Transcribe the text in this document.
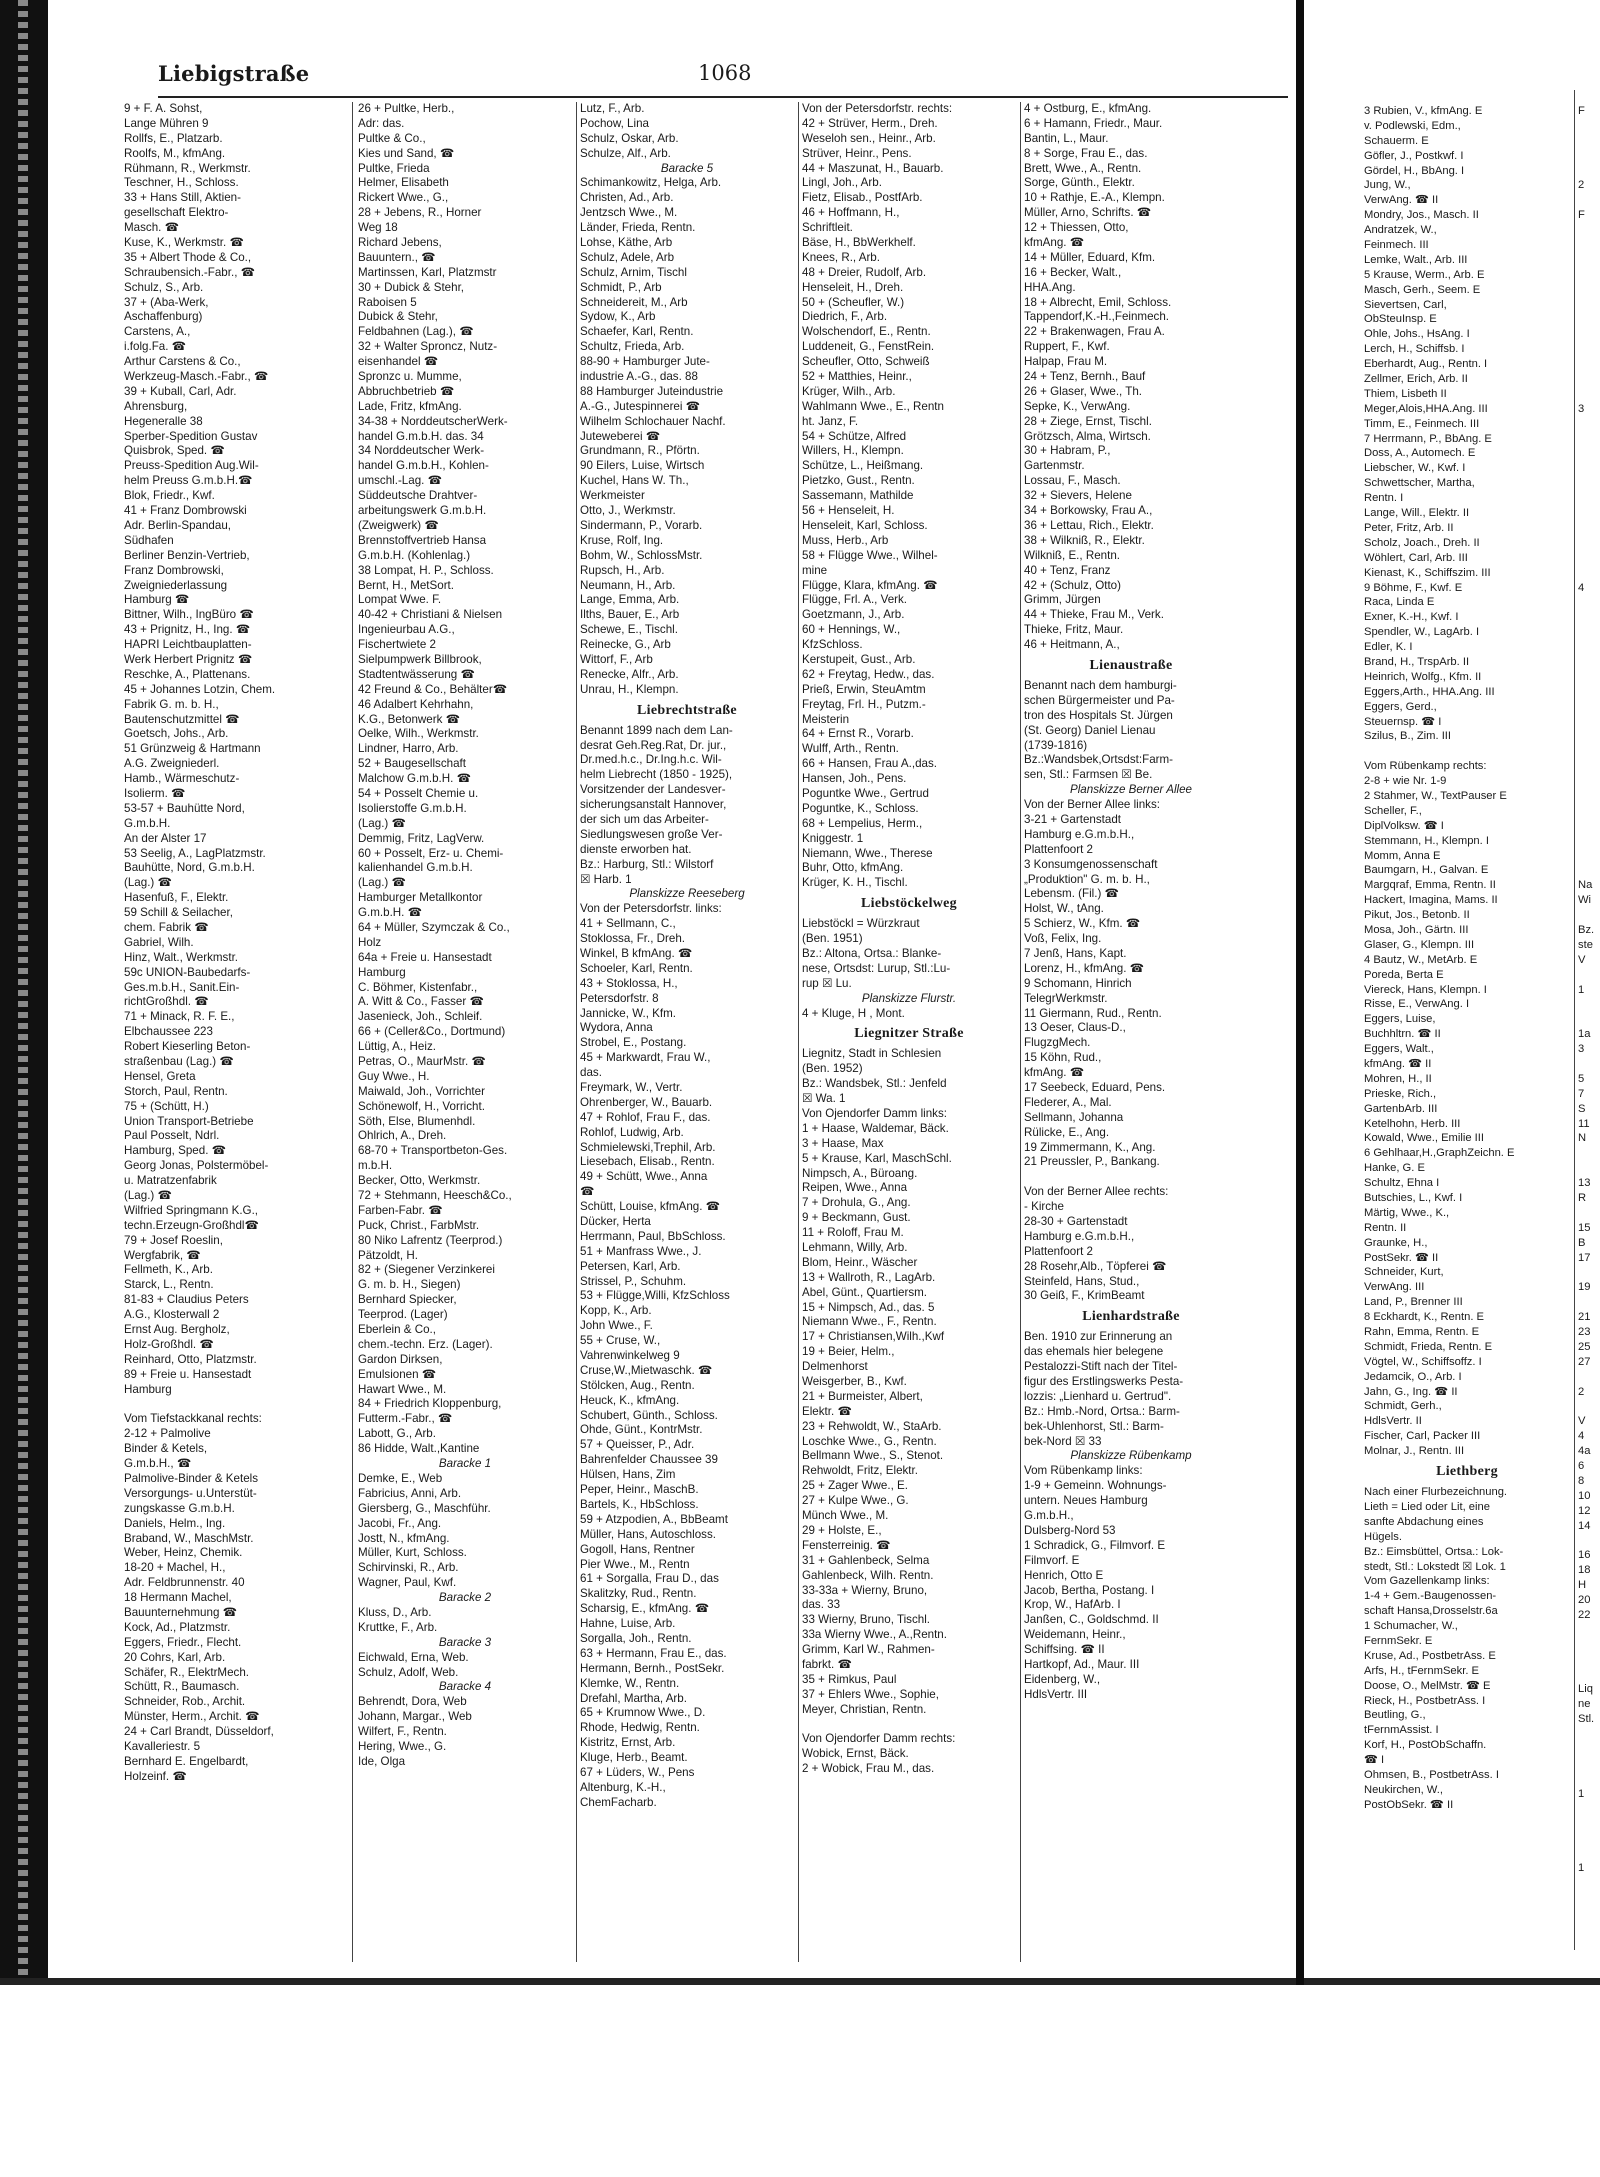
Liebigstraße	1068
9 + F. A. Sohst,
Lange Mühren 9
Rollfs, E., Platzarb.
Roolfs, M., kfmAng.
Rühmann, R., Werkmstr.
Teschner, H., Schloss.
33 + Hans Still, Aktien-
gesellschaft Elektro-
Masch. ☎
Kuse, K., Werkmstr. ☎
35 + Albert Thode & Co.,
Schraubensich.-Fabr., ☎
Schulz, S., Arb.
37 + (Aba-Werk,
Aschaffenburg)
Carstens, A.,
i.folg.Fa. ☎
Arthur Carstens & Co.,
Werkzeug-Masch.-Fabr., ☎
39 + Kuball, Carl, Adr.
Ahrensburg,
Hegeneralle 38
Sperber-Spedition Gustav
Quisbrok, Sped. ☎
Preuss-Spedition Aug.Wil-
helm Preuss G.m.b.H.☎
Blok, Friedr., Kwf.
41 + Franz Dombrowski
Adr. Berlin-Spandau,
Südhafen
Berliner Benzin-Vertrieb,
Franz Dombrowski,
Zweigniederlassung
Hamburg ☎
Bittner, Wilh., IngBüro ☎
43 + Prignitz, H., Ing. ☎
HAPRI Leichtbauplatten-
Werk Herbert Prignitz ☎
Reschke, A., Plattenans.
45 + Johannes Lotzin, Chem.
Fabrik G. m. b. H.,
Bautenschutzmittel ☎
Goetsch, Johs., Arb.
51 Grünzweig & Hartmann
A.G. Zweigniederl.
Hamb., Wärmeschutz-
Isolierm. ☎
53-57 + Bauhütte Nord,
G.m.b.H.
An der Alster 17
53 Seelig, A., LagPlatzmstr.
Bauhütte, Nord, G.m.b.H.
(Lag.) ☎
Hasenfuß, F., Elektr.
59 Schill & Seilacher,
chem. Fabrik ☎
Gabriel, Wilh.
Hinz, Walt., Werkmstr.
59c UNION-Baubedarfs-
Ges.m.b.H., Sanit.Ein-
richtGroßhdl. ☎
71 + Minack, R. F. E.,
Elbchaussee 223
Robert Kieserling Beton-
straßenbau (Lag.) ☎
Hensel, Greta
Storch, Paul, Rentn.
75 + (Schütt, H.)
Union Transport-Betriebe
Paul Posselt, Ndrl.
Hamburg, Sped. ☎
Georg Jonas, Polstermöbel-
u. Matratzenfabrik
(Lag.) ☎
Wilfried Springmann K.G.,
techn.Erzeugn-Großhdl☎
79 + Josef Roeslin,
Wergfabrik, ☎
Fellmeth, K., Arb.
Starck, L., Rentn.
81-83 + Claudius Peters
A.G., Klosterwall 2
Ernst Aug. Bergholz,
Holz-Großhdl. ☎
Reinhard, Otto, Platzmstr.
89 + Freie u. Hansestadt
Hamburg

Vom Tiefstackkanal rechts:
2-12 + Palmolive
Binder & Ketels,
G.m.b.H., ☎
Palmolive-Binder & Ketels
Versorgungs- u.Unterstüt-
zungskasse G.m.b.H.
Daniels, Helm., Ing.
Braband, W., MaschMstr.
Weber, Heinz, Chemik.
18-20 + Machel, H.,
Adr. Feldbrunnenstr. 40
18 Hermann Machel,
Bauunternehmung ☎
Kock, Ad., Platzmstr.
Eggers, Friedr., Flecht.
20 Cohrs, Karl, Arb.
Schäfer, R., ElektrMech.
Schütt, R., Baumasch.
Schneider, Rob., Archit.
Münster, Herm., Archit. ☎
24 + Carl Brandt, Düsseldorf,
Kavalleriestr. 5
Bernhard E. Engelbardt,
Holzeinf. ☎
26 + Pultke, Herb.,
Adr: das.
Pultke & Co.,
Kies und Sand, ☎
Pultke, Frieda
Helmer, Elisabeth
Rickert Wwe., G.,
28 + Jebens, R., Horner
Weg 18
Richard Jebens,
Bauuntern., ☎
Martinssen, Karl, Platzmstr
30 + Dubick & Stehr,
Raboisen 5
Dubick & Stehr,
Feldbahnen (Lag.), ☎
32 + Walter Sproncz, Nutz-
eisenhandel ☎
Spronzc u. Mumme,
Abbruchbetrieb ☎
Lade, Fritz, kfmAng.
34-38 + NorddeutscherWerk-
handel G.m.b.H. das. 34
34 Norddeutscher Werk-
handel G.m.b.H., Kohlen-
umschl.-Lag. ☎
Süddeutsche Drahtver-
arbeitungswerk G.m.b.H.
(Zweigwerk) ☎
Brennstoffvertrieb Hansa
G.m.b.H. (Kohlenlag.)
38 Lompat, H. P., Schloss.
Bernt, H., MetSort.
Lompat Wwe. F.
40-42 + Christiani & Nielsen
Ingenieurbau A.G.,
Fischertwiete 2
Sielpumpwerk Billbrook,
Stadtentwässerung ☎
42 Freund & Co., Behälter☎
46 Adalbert Kehrhahn,
K.G., Betonwerk ☎
Oelke, Wilh., Werkmstr.
Lindner, Harro, Arb.
52 + Baugesellschaft
Malchow G.m.b.H. ☎
54 + Posselt Chemie u.
Isolierstoffe G.m.b.H.
(Lag.) ☎
Demmig, Fritz, LagVerw.
60 + Posselt, Erz- u. Chemi-
kalienhandel G.m.b.H.
(Lag.) ☎
Hamburger Metallkontor
G.m.b.H. ☎
64 + Müller, Szymczak & Co.,
Holz
64a + Freie u. Hansestadt
Hamburg
C. Böhmer, Kistenfabr.,
A. Witt & Co., Fasser ☎
Jasenieck, Joh., Schleif.
66 + (Celler&Co., Dortmund)
Lüttig, A., Heiz.
Petras, O., MaurMstr. ☎
Guy Wwe., H.
Maiwald, Joh., Vorrichter
Schönewolf, H., Vorricht.
Söth, Else, Blumenhdl.
Ohlrich, A., Dreh.
68-70 + Transportbeton-Ges.
m.b.H.
Becker, Otto, Werkmstr.
72 + Stehmann, Heesch&Co.,
Farben-Fabr. ☎
Puck, Christ., FarbMstr.
80 Niko Lafrentz (Teerprod.)
Pätzoldt, H.
82 + (Siegener Verzinkerei
G. m. b. H., Siegen)
Bernhard Spiecker,
Teerprod. (Lager)
Eberlein & Co.,
chem.-techn. Erz. (Lager).
Gardon Dirksen,
Emulsionen ☎
Hawart Wwe., M.
84 + Friedrich Kloppenburg,
Futterm.-Fabr., ☎
Labott, G., Arb.
86 Hidde, Walt.,Kantine
Baracke 1
Demke, E., Web
Fabricius, Anni, Arb.
Giersberg, G., Maschführ.
Jacobi, Fr., Ang.
Jostt, N., kfmAng.
Müller, Kurt, Schloss.
Schirvinski, R., Arb.
Wagner, Paul, Kwf.
Baracke 2
Kluss, D., Arb.
Kruttke, F., Arb.
Baracke 3
Eichwald, Erna, Web.
Schulz, Adolf, Web.
Baracke 4
Behrendt, Dora, Web
Johann, Margar., Web
Wilfert, F., Rentn.
Hering, Wwe., G.
Ide, Olga
Lutz, F., Arb.
Pochow, Lina
Schulz, Oskar, Arb.
Schulze, Alf., Arb.
Baracke 5
Schimankowitz, Helga, Arb.
Christen, Ad., Arb.
Jentzsch Wwe., M.
Länder, Frieda, Rentn.
Lohse, Käthe, Arb
Schulz, Adele, Arb
Schulz, Arnim, Tischl
Schmidt, P., Arb
Schneidereit, M., Arb
Sydow, K., Arb
Schaefer, Karl, Rentn.
Schultz, Frieda, Arb.
88-90 + Hamburger Jute-
industrie A.-G., das. 88
88 Hamburger Juteindustrie
A.-G., Jutespinnerei ☎
Wilhelm Schlochauer Nachf.
Juteweberei ☎
Grundmann, R., Pförtn.
90 Eilers, Luise, Wirtsch
Kuchel, Hans W. Th.,
Werkmeister
Otto, J., Werkmstr.
Sindermann, P., Vorarb.
Kruse, Rolf, Ing.
Bohm, W., SchlossMstr.
Rupsch, H., Arb.
Neumann, H., Arb.
Lange, Emma, Arb.
Ilths, Bauer, E., Arb
Schewe, E., Tischl.
Reinecke, G., Arb
Wittorf, F., Arb
Renecke, Alfr., Arb.
Unrau, H., Klempn.
Liebrechtstraße
Benannt 1899 nach dem Lan-
desrat Geh.Reg.Rat, Dr. jur.,
Dr.med.h.c., Dr.Ing.h.c. Wil-
helm Liebrecht (1850 - 1925),
Vorsitzender der Landesver-
sicherungsanstalt Hannover,
der sich um das Arbeiter-
Siedlungswesen große Ver-
dienste erworben hat.
Bz.: Harburg, Stl.: Wilstorf
☒ Harb. 1
Planskizze Reeseberg
Von der Petersdorfstr. links:
41 + Sellmann, C.,
Stoklossa, Fr., Dreh.
Winkel, B kfmAng. ☎
Schoeler, Karl, Rentn.
43 + Stoklossa, H.,
Petersdorfstr. 8
Jannicke, W., Kfm.
Wydora, Anna
Strobel, E., Postang.
45 + Markwardt, Frau W.,
das.
Freymark, W., Vertr.
Ohrenberger, W., Bauarb.
47 + Rohlof, Frau F., das.
Rohlof, Ludwig, Arb.
Schmielewski,Trephil, Arb.
Liesebach, Elisab., Rentn.
49 + Schütt, Wwe., Anna
☎
Schütt, Louise, kfmAng. ☎
Dücker, Herta
Herrmann, Paul, BbSchloss.
51 + Manfrass Wwe., J.
Petersen, Karl, Arb.
Strissel, P., Schuhm.
53 + Flügge,Willi, KfzSchloss
Kopp, K., Arb.
John Wwe., F.
55 + Cruse, W.,
Vahrenwinkelweg 9
Cruse,W.,Mietwaschk. ☎
Stölcken, Aug., Rentn.
Heuck, K., kfmAng.
Schubert, Günth., Schloss.
Ohde, Günt., KontrMstr.
57 + Queisser, P., Adr.
Bahrenfelder Chaussee 39
Hülsen, Hans, Zim
Peper, Heinr., MaschB.
Bartels, K., HbSchloss.
59 + Atzpodien, A., BbBeamt
Müller, Hans, Autoschloss.
Gogoll, Hans, Rentner
Pier Wwe., M., Rentn
61 + Sorgalla, Frau D., das
Skalitzky, Rud., Rentn.
Scharsig, E., kfmAng. ☎
Hahne, Luise, Arb.
Sorgalla, Joh., Rentn.
63 + Hermann, Frau E., das.
Hermann, Bernh., PostSekr.
Klemke, W., Rentn.
Drefahl, Martha, Arb.
65 + Krumnow Wwe., D.
Rhode, Hedwig, Rentn.
Kistritz, Ernst, Arb.
Kluge, Herb., Beamt.
67 + Lüders, W., Pens
Altenburg, K.-H.,
ChemFacharb.
Von der Petersdorfstr. rechts:
42 + Strüver, Herm., Dreh.
Weseloh sen., Heinr., Arb.
Strüver, Heinr., Pens.
44 + Maszunat, H., Bauarb.
Lingl, Joh., Arb.
Fietz, Elisab., PostfArb.
46 + Hoffmann, H.,
Schriftleit.
Bäse, H., BbWerkhelf.
Knees, R., Arb.
48 + Dreier, Rudolf, Arb.
Henseleit, H., Dreh.
50 + (Scheufler, W.)
Diedrich, F., Arb.
Wolschendorf, E., Rentn.
Luddeneit, G., FenstRein.
Scheufler, Otto, Schweiß
52 + Matthies, Heinr.,
Krüger, Wilh., Arb.
Wahlmann Wwe., E., Rentn
ht. Janz, F.
54 + Schütze, Alfred
Willers, H., Klempn.
Schütze, L., Heißmang.
Pietzko, Gust., Rentn.
Sassemann, Mathilde
56 + Henseleit, H.
Henseleit, Karl, Schloss.
Muss, Herb., Arb
58 + Flügge Wwe., Wilhel-
mine
Flügge, Klara, kfmAng. ☎
Flügge, Frl. A., Verk.
Goetzmann, J., Arb.
60 + Hennings, W.,
KfzSchloss.
Kerstupeit, Gust., Arb.
62 + Freytag, Hedw., das.
Prieß, Erwin, SteuAmtm
Freytag, Frl. H., Putzm.-
Meisterin
64 + Ernst R., Vorarb.
Wulff, Arth., Rentn.
66 + Hansen, Frau A.,das.
Hansen, Joh., Pens.
Poguntke Wwe., Gertrud
Poguntke, K., Schloss.
68 + Lempelius, Herm.,
Kniggestr. 1
Niemann, Wwe., Therese
Buhr, Otto, kfmAng.
Krüger, K. H., Tischl.
Liebstöckelweg
Liebstöckl = Würzkraut
(Ben. 1951)
Bz.: Altona, Ortsa.: Blanke-
nese, Ortsdst: Lurup, Stl.:Lu-
rup ☒ Lu.
Planskizze Flurstr.
4 + Kluge, H , Mont.
Liegnitzer Straße
Liegnitz, Stadt in Schlesien
(Ben. 1952)
Bz.: Wandsbek, Stl.: Jenfeld
☒ Wa. 1
Von Ojendorfer Damm links:
1 + Haase, Waldemar, Bäck.
3 + Haase, Max
5 + Krause, Karl, MaschSchl.
Nimpsch, A., Büroang.
Reipen, Wwe., Anna
7 + Drohula, G., Ang.
9 + Beckmann, Gust.
11 + Roloff, Frau M.
Lehmann, Willy, Arb.
Blom, Heinr., Wäscher
13 + Wallroth, R., LagArb.
Abel, Günt., Quartiersm.
15 + Nimpsch, Ad., das. 5
Niemann Wwe., F., Rentn.
17 + Christiansen,Wilh.,Kwf
19 + Beier, Helm.,
Delmenhorst
Weisgerber, B., Kwf.
21 + Burmeister, Albert,
Elektr. ☎
23 + Rehwoldt, W., StaArb.
Loschke Wwe., G., Rentn.
Bellmann Wwe., S., Stenot.
Rehwoldt, Fritz, Elektr.
25 + Zager Wwe., E.
27 + Kulpe Wwe., G.
Münch Wwe., M.
29 + Holste, E.,
Fensterreinig. ☎
31 + Gahlenbeck, Selma
Gahlenbeck, Wilh. Rentn.
33-33a + Wierny, Bruno,
das. 33
33 Wierny, Bruno, Tischl.
33a Wierny Wwe., A.,Rentn.
Grimm, Karl W., Rahmen-
fabrkt. ☎
35 + Rimkus, Paul
37 + Ehlers Wwe., Sophie,
Meyer, Christian, Rentn.

Von Ojendorfer Damm rechts:
Wobick, Ernst, Bäck.
2 + Wobick, Frau M., das.
4 + Ostburg, E., kfmAng.
6 + Hamann, Friedr., Maur.
Bantin, L., Maur.
8 + Sorge, Frau E., das.
Brett, Wwe., A., Rentn.
Sorge, Günth., Elektr.
10 + Rathje, E.-A., Klempn.
Müller, Arno, Schrifts. ☎
12 + Thiessen, Otto,
kfmAng. ☎
14 + Müller, Eduard, Kfm.
16 + Becker, Walt.,
HHA.Ang.
18 + Albrecht, Emil, Schloss.
Tappendorf,K.-H.,Feinmech.
22 + Brakenwagen, Frau A.
Ruppert, F., Kwf.
Halpap, Frau M.
24 + Tenz, Bernh., Bauf
26 + Glaser, Wwe., Th.
Sepke, K., VerwAng.
28 + Ziege, Ernst, Tischl.
Grötzsch, Alma, Wirtsch.
30 + Habram, P.,
Gartenmstr.
Lossau, F., Masch.
32 + Sievers, Helene
34 + Borkowsky, Frau A.,
36 + Lettau, Rich., Elektr.
38 + Wilkniß, R., Elektr.
Wilkniß, E., Rentn.
40 + Tenz, Franz
42 + (Schulz, Otto)
Grimm, Jürgen
44 + Thieke, Frau M., Verk.
Thieke, Fritz, Maur.
46 + Heitmann, A.,
Lienaustraße
Benannt nach dem hamburgi-
schen Bürgermeister und Pa-
tron des Hospitals St. Jürgen
(St. Georg) Daniel Lienau
(1739-1816)
Bz.:Wandsbek,Ortsdst:Farm-
sen, Stl.: Farmsen ☒ Be.
Planskizze Berner Allee
Von der Berner Allee links:
3-21 + Gartenstadt
Hamburg e.G.m.b.H.,
Plattenfoort 2
3 Konsumgenossenschaft
„Produktion" G. m. b. H.,
Lebensm. (Fil.) ☎
Holst, W., tAng.
5 Schierz, W., Kfm. ☎
Voß, Felix, Ing.
7 Jenß, Hans, Kapt.
Lorenz, H., kfmAng. ☎
9 Schomann, Hinrich
TelegrWerkmstr.
11 Giermann, Rud., Rentn.
13 Oeser, Claus-D.,
FlugzgMech.
15 Köhn, Rud.,
kfmAng. ☎
17 Seebeck, Eduard, Pens.
Flederer, A., Mal.
Sellmann, Johanna
Rülicke, E., Ang.
19 Zimmermann, K., Ang.
21 Preussler, P., Bankang.

Von der Berner Allee rechts:
- Kirche
28-30 + Gartenstadt
Hamburg e.G.m.b.H.,
Plattenfoort 2
28 Rosehr,Alb., Töpferei ☎
Steinfeld, Hans, Stud.,
30 Geiß, F., KrimBeamt
Lienhardstraße
Ben. 1910 zur Erinnerung an
das ehemals hier belegene
Pestalozzi-Stift nach der Titel-
figur des Erstlingswerks Pesta-
lozzis: „Lienhard u. Gertrud".
Bz.: Hmb.-Nord, Ortsa.: Barm-
bek-Uhlenhorst, Stl.: Barm-
bek-Nord ☒ 33
Planskizze Rübenkamp
Vom Rübenkamp links:
1-9 + Gemeinn. Wohnungs-
untern. Neues Hamburg
G.m.b.H.,
Dulsberg-Nord 53
1 Schradick, G., Filmvorf. E
Filmvorf. E
Henrich, Otto E
Jacob, Bertha, Postang. I
Krop, W., HafArb. I
Janßen, C., Goldschmd. II
Weidemann, Heinr.,
Schiffsing. ☎ II
Hartkopf, Ad., Maur. III
Eidenberg, W.,
HdlsVertr. III
3 Rubien, V., kfmAng. E
v. Podlewski, Edm.,
Schauerm. E
Göfler, J., Postkwf. I
Gördel, H., BbAng. I
Jung, W.,
VerwAng. ☎ II
Mondry, Jos., Masch. II
Andratzek, W.,
Feinmech. III
Lemke, Walt., Arb. III
5 Krause, Werm., Arb. E
Masch, Gerh., Seem. E
Sievertsen, Carl,
ObSteuInsp. E
Ohle, Johs., HsAng. I
Lerch, H., Schiffsb. I
Eberhardt, Aug., Rentn. I
Zellmer, Erich, Arb. II
Thiem, Lisbeth II
Meger,Alois,HHA.Ang. III
Timm, E., Feinmech. III
7 Herrmann, P., BbAng. E
Doss, A., Automech. E
Liebscher, W., Kwf. I
Schwettscher, Martha,
Rentn. I
Lange, Will., Elektr. II
Peter, Fritz, Arb. II
Scholz, Joach., Dreh. II
Wöhlert, Carl, Arb. III
Kienast, K., Schiffszim. III
9 Böhme, F., Kwf. E
Raca, Linda E
Exner, K.-H., Kwf. I
Spendler, W., LagArb. I
Edler, K. I
Brand, H., TrspArb. II
Heinrich, Wolfg., Kfm. II
Eggers,Arth., HHA.Ang. III
Eggers, Gerd.,
Steuernsp. ☎ I
Szilus, B., Zim. III

Vom Rübenkamp rechts:
2-8 + wie Nr. 1-9
2 Stahmer, W., TextPauser E
Scheller, F.,
DiplVolksw. ☎ I
Stemmann, H., Klempn. I
Momm, Anna E
Baumgarn, H., Galvan. E
Margqraf, Emma, Rentn. II
Hackert, Imagina, Mams. II
Pikut, Jos., Betonb. II
Mosa, Joh., Gärtn. III
Glaser, G., Klempn. III
4 Bautz, W., MetArb. E
Poreda, Berta E
Viereck, Hans, Klempn. I
Risse, E., VerwAng. I
Eggers, Luise,
Buchhltrn. ☎ II
Eggers, Walt.,
kfmAng. ☎ II
Mohren, H., II
Prieske, Rich.,
GartenbArb. III
Ketelhohn, Herb. III
Kowald, Wwe., Emilie III
6 Gehlhaar,H.,GraphZeichn. E
Hanke, G. E
Schultz, Ehna I
Butschies, L., Kwf. I
Märtig, Wwe., K.,
Rentn. II
Graunke, H.,
PostSekr. ☎ II
Schneider, Kurt,
VerwAng. III
Land, P., Brenner III
8 Eckhardt, K., Rentn. E
Rahn, Emma, Rentn. E
Schmidt, Frieda, Rentn. E
Vögtel, W., Schiffsoffz. I
Jedamcik, O., Arb. I
Jahn, G., Ing. ☎ II
Schmidt, Gerh.,
HdlsVertr. II
Fischer, Carl, Packer III
Molnar, J., Rentn. III
Liethberg
Nach einer Flurbezeichnung.
Lieth = Lied oder Lit, eine
sanfte Abdachung eines
Hügels.
Bz.: Eimsbüttel, Ortsa.: Lok-
stedt, Stl.: Lokstedt ☒ Lok. 1
Vom Gazellenkamp links:
1-4 + Gem.-Baugenossen-
schaft Hansa,Drosselstr.6a
1 Schumacher, W.,
FernmSekr. E
Kruse, Ad., PostbetrAss. E
Arfs, H., tFernmSekr. E
Doose, O., MelMstr. ☎ E
Rieck, H., PostbetrAss. I
Beutling, G.,
tFernmAssist. I
Korf, H., PostObSchaffn.
☎ I
Ohmsen, B., PostbetrAss. I
Neukirchen, W.,
PostObSekr. ☎ II
F

2

F

3

4

Na
Wi

Bz.
ste
V

1

1a
3

5
7
S
11
N

13
R

15
B
17

19

21
23
25
27

2

V
4
4a
6
8
10
12
14

16
18
H
20
22

Liq
ne
Stl.

1

1
